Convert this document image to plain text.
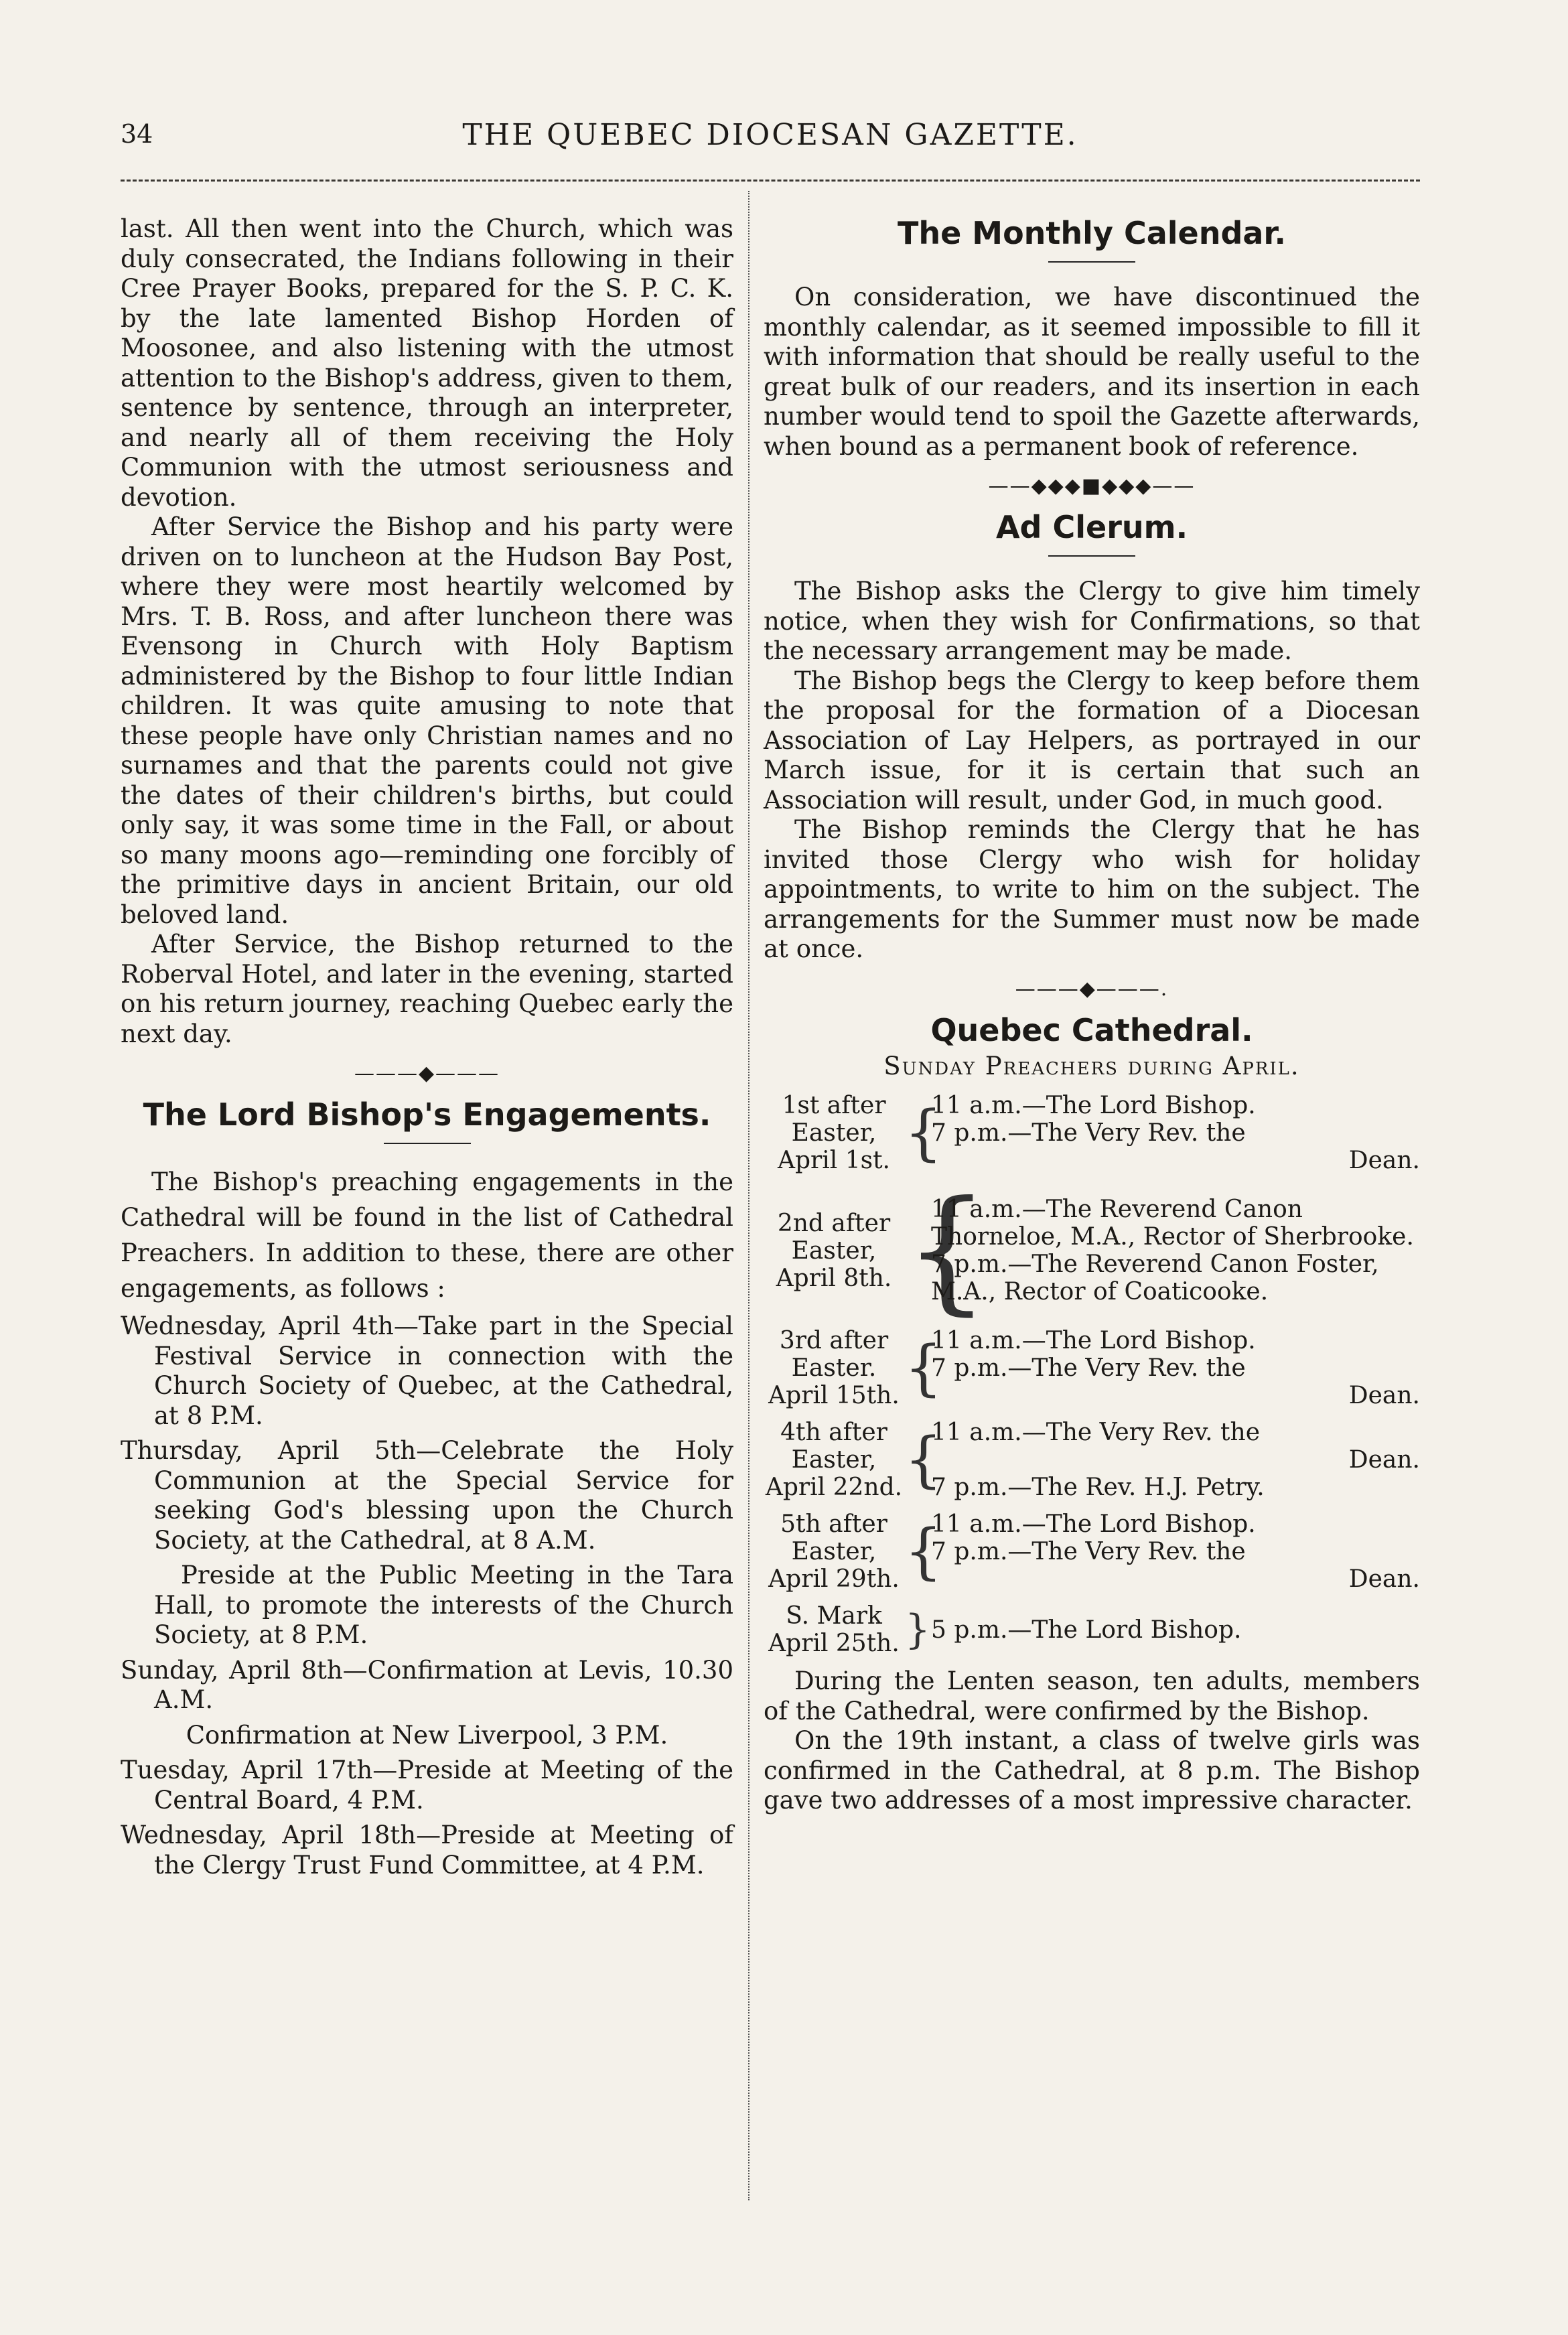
34	THE QUEBEC DIOCESAN GAZETTE.

last. All then went into the Church, which was duly consecrated, the Indians following in their Cree Prayer Books, prepared for the S. P. C. K. by the late lamented Bishop Horden of Moosonee, and also listening with the utmost attention to the Bishop's address, given to them, sentence by sentence, through an interpreter, and nearly all of them receiving the Holy Communion with the utmost seriousness and devotion.

After Service the Bishop and his party were driven on to luncheon at the Hudson Bay Post, where they were most heartily welcomed by Mrs. T. B. Ross, and after luncheon there was Evensong in Church with Holy Baptism administered by the Bishop to four little Indian children. It was quite amusing to note that these people have only Christian names and no surnames and that the parents could not give the dates of their children's births, but could only say, it was some time in the Fall, or about so many moons ago—reminding one forcibly of the primitive days in ancient Britain, our old beloved land.

After Service, the Bishop returned to the Roberval Hotel, and later in the evening, started on his return journey, reaching Quebec early the next day.

———◆———
The Lord Bishop's Engagements.

The Bishop's preaching engagements in the Cathedral will be found in the list of Cathedral Preachers. In addition to these, there are other engagements, as follows :

Wednesday, April 4th—Take part in the Special Festival Service in connection with the Church Society of Quebec, at the Cathedral, at 8 P.M.

Thursday, April 5th—Celebrate the Holy Communion at the Special Service for seeking God's blessing upon the Church Society, at the Cathedral, at 8 A.M.

Preside at the Public Meeting in the Tara Hall, to promote the interests of the Church Society, at 8 P.M.

Sunday, April 8th—Confirmation at Levis, 10.30 A.M.

Confirmation at New Liverpool, 3 P.M.

Tuesday, April 17th—Preside at Meeting of the Central Board, 4 P.M.

Wednesday, April 18th—Preside at Meeting of the Clergy Trust Fund Committee, at 4 P.M.

The Monthly Calendar.

On consideration, we have discontinued the monthly calendar, as it seemed impossible to fill it with information that should be really useful to the great bulk of our readers, and its insertion in each number would tend to spoil the Gazette afterwards, when bound as a permanent book of reference.

——◆◆◆■◆◆◆——
Ad Clerum.

The Bishop asks the Clergy to give him timely notice, when they wish for Confirmations, so that the necessary arrangement may be made.

The Bishop begs the Clergy to keep before them the proposal for the formation of a Diocesan Association of Lay Helpers, as portrayed in our March issue, for it is certain that such an Association will result, under God, in much good.

The Bishop reminds the Clergy that he has invited those Clergy who wish for holiday appointments, to write to him on the subject. The arrangements for the Summer must now be made at once.

———◆———.
Quebec Cathedral.
Sunday Preachers during April.
1st after Easter, April 1st. {
11 a.m.—The Lord Bishop.
7 p.m.—The Very Rev. the
Dean.
2nd after Easter, April 8th. {
11 a.m.—The Reverend Canon Thorneloe, M.A., Rector of Sherbrooke.
7 p.m.—The Reverend Canon Foster, M.A., Rector of Coaticooke.
3rd after Easter. April 15th. {
11 a.m.—The Lord Bishop.
7 p.m.—The Very Rev. the
Dean.
4th after Easter, April 22nd. {
11 a.m.—The Very Rev. the
Dean.
7 p.m.—The Rev. H.J. Petry.
5th after Easter, April 29th. {
11 a.m.—The Lord Bishop.
7 p.m.—The Very Rev. the
Dean.
S. Mark April 25th. } 5 p.m.—The Lord Bishop.

During the Lenten season, ten adults, members of the Cathedral, were confirmed by the Bishop.

On the 19th instant, a class of twelve girls was confirmed in the Cathedral, at 8 p.m. The Bishop gave two addresses of a most impressive character.
